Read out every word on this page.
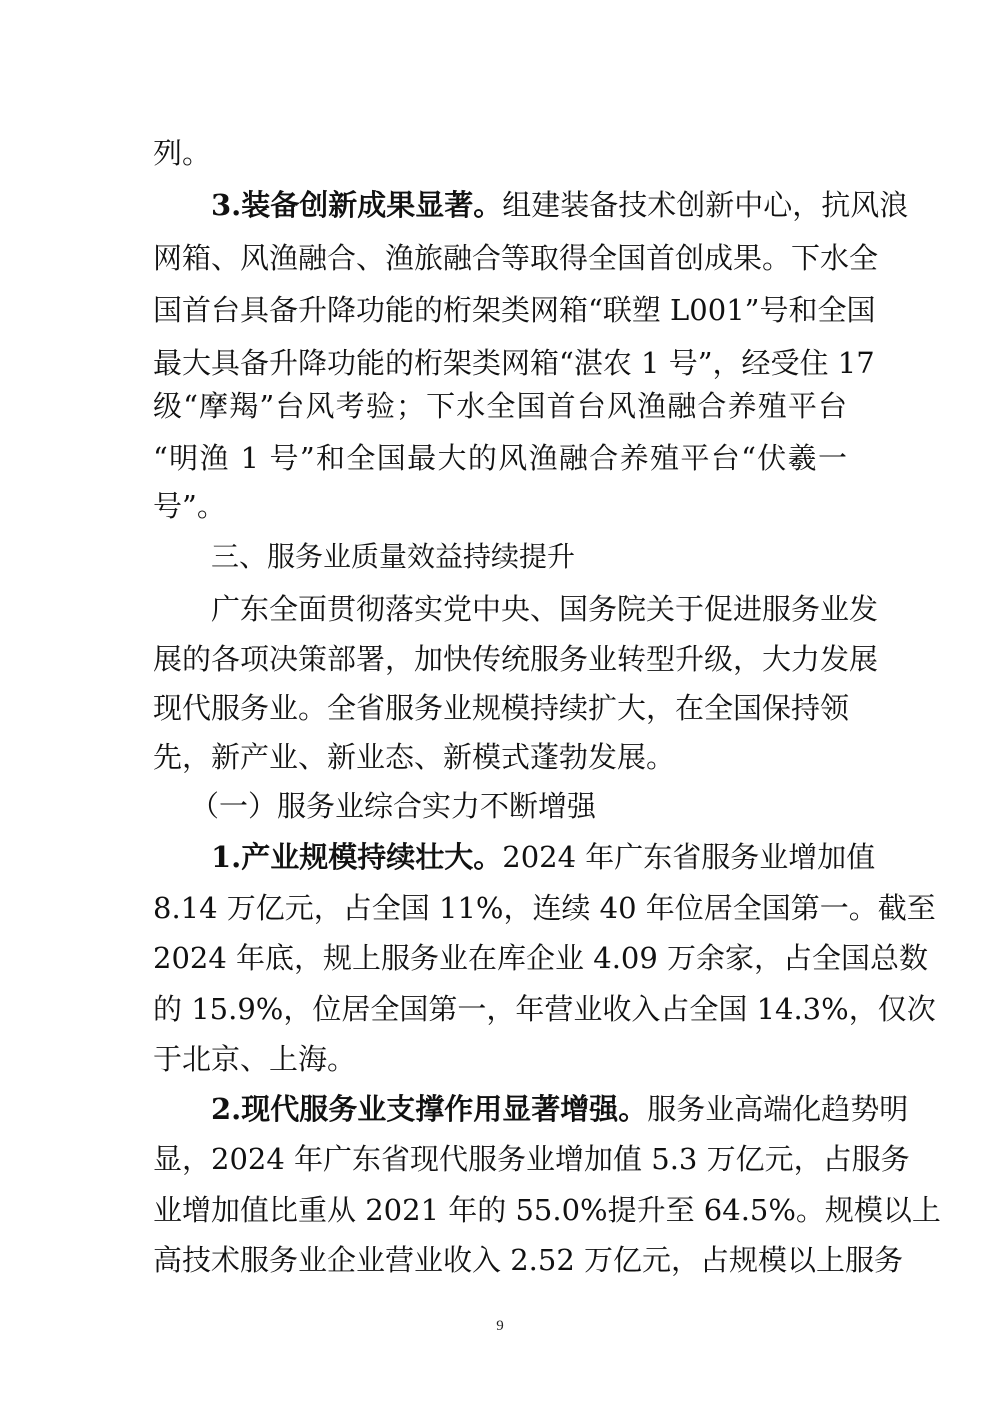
列。
3.装备创新成果显著。组建装备技术创新中心，抗风浪
网箱、风渔融合、渔旅融合等取得全国首创成果。下水全
国首台具备升降功能的桁架类网箱“联塑 L001”号和全国
最大具备升降功能的桁架类网箱“湛农 1 号”，经受住 17
级“摩羯”台风考验；下水全国首台风渔融合养殖平台
“明渔 1 号”和全国最大的风渔融合养殖平台“伏羲一
号”。
三、服务业质量效益持续提升
广东全面贯彻落实党中央、国务院关于促进服务业发
展的各项决策部署，加快传统服务业转型升级，大力发展
现代服务业。全省服务业规模持续扩大，在全国保持领
先，新产业、新业态、新模式蓬勃发展。
（一）服务业综合实力不断增强
1.产业规模持续壮大。2024 年广东省服务业增加值
8.14 万亿元，占全国 11%，连续 40 年位居全国第一。截至
2024 年底，规上服务业在库企业 4.09 万余家，占全国总数
的 15.9%，位居全国第一，年营业收入占全国 14.3%，仅次
于北京、上海。
2.现代服务业支撑作用显著增强。服务业高端化趋势明
显，2024 年广东省现代服务业增加值 5.3 万亿元，占服务
业增加值比重从 2021 年的 55.0%提升至 64.5%。规模以上
高技术服务业企业营业收入 2.52 万亿元，占规模以上服务
9
